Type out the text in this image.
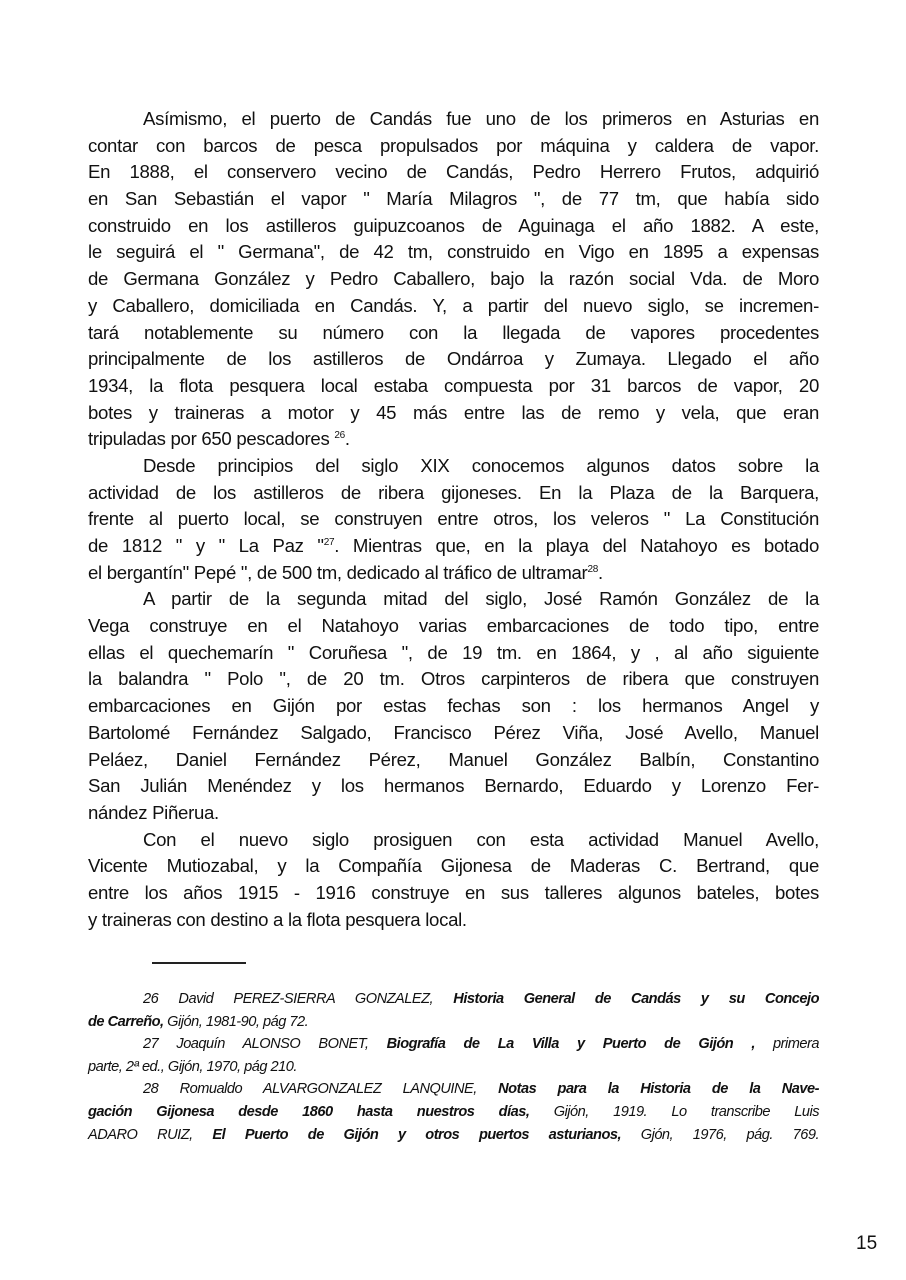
Asímismo, el puerto de Candás fue uno de los primeros en Asturias en
contar con barcos de pesca propulsados por máquina y caldera de vapor.
En 1888, el conservero vecino de Candás, Pedro Herrero Frutos, adquirió
en San Sebastián el vapor " María Milagros ", de 77 tm, que había sido
construido en los astilleros guipuzcoanos de Aguinaga el año 1882. A este,
le seguirá el " Germana", de 42 tm, construido en Vigo en 1895 a expensas
de Germana González y Pedro Caballero, bajo la razón social Vda. de Moro
y Caballero, domiciliada en Candás. Y, a partir del nuevo siglo, se incremen-
tará notablemente su número con la llegada de vapores procedentes
principalmente de los astilleros de Ondárroa y Zumaya. Llegado el año
1934, la flota pesquera local estaba compuesta por 31 barcos de vapor, 20
botes y traineras a motor y 45 más entre las de remo y vela, que eran
tripuladas por 650 pescadores $^{26}$.
Desde principios del siglo XIX conocemos algunos datos sobre la
actividad de los astilleros de ribera gijoneses. En la Plaza de la Barquera,
frente al puerto local, se construyen entre otros, los veleros " La Constitución
de 1812 " y " La Paz "$^{27}$. Mientras que, en la playa del Natahoyo es botado
el bergantín" Pepé ", de 500 tm, dedicado al tráfico de ultramar$^{28}$.
A partir de la segunda mitad del siglo, José Ramón González de la
Vega construye en el Natahoyo varias embarcaciones de todo tipo, entre
ellas el quechemarín " Coruñesa ", de 19 tm. en 1864, y , al año siguiente
la balandra " Polo ", de 20 tm. Otros carpinteros de ribera que construyen
embarcaciones en Gijón por estas fechas son : los hermanos Angel y
Bartolomé Fernández Salgado, Francisco Pérez Viña, José Avello, Manuel
Peláez, Daniel Fernández Pérez, Manuel González Balbín, Constantino
San Julián Menéndez y los hermanos Bernardo, Eduardo y Lorenzo Fer-
nández Piñerua.
Con el nuevo siglo prosiguen con esta actividad Manuel Avello,
Vicente Mutiozabal, y la Compañía Gijonesa de Maderas C. Bertrand, que
entre los años 1915 - 1916 construye en sus talleres algunos bateles, botes
y traineras con destino a la flota pesquera local.
26 David PEREZ-SIERRA GONZALEZ, Historia General de Candás y su Concejo
de Carreño, Gijón, 1981-90, pág 72.
27 Joaquín ALONSO BONET, Biografía de La Villa y Puerto de Gijón , primera
parte, 2ª ed., Gijón, 1970, pág 210.
28 Romualdo ALVARGONZALEZ LANQUINE, Notas para la Historia de la Nave-
gación Gijonesa desde 1860 hasta nuestros días, Gijón, 1919. Lo transcribe Luis
ADARO RUIZ, El Puerto de Gijón y otros puertos asturianos, Gjón, 1976, pág. 769.
15
